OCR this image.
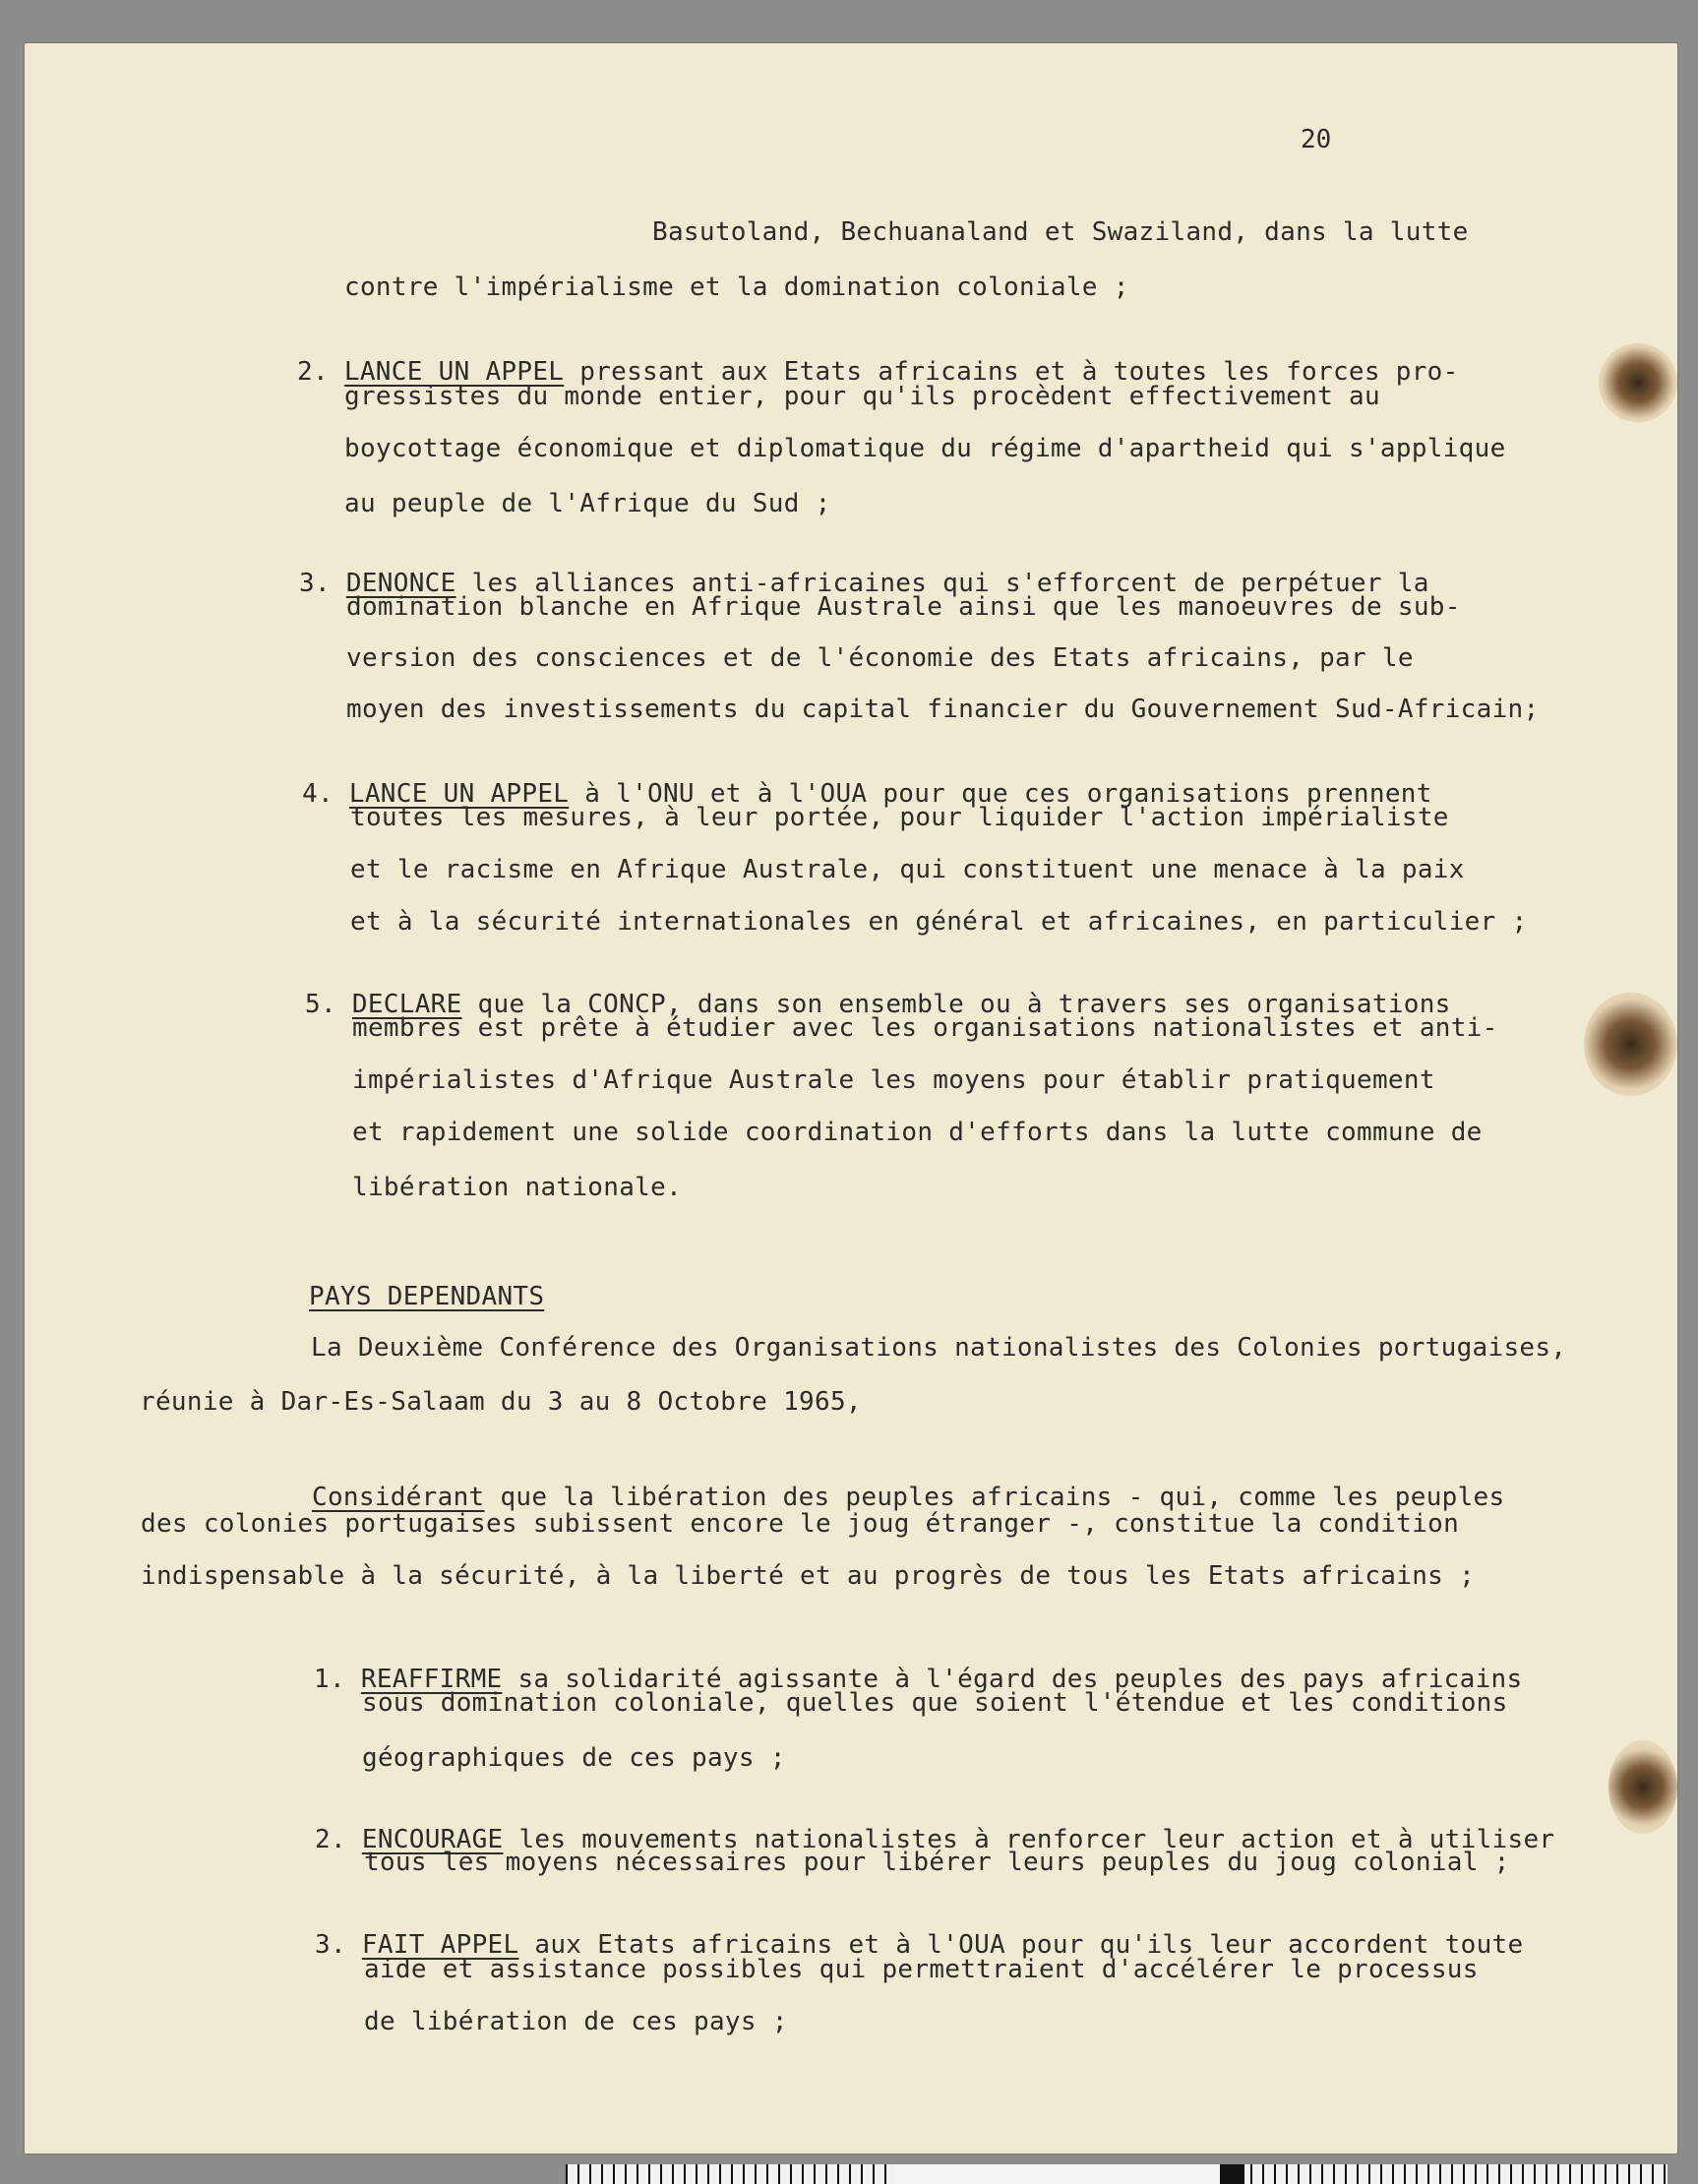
20
Basutoland, Bechuanaland et Swaziland, dans la lutte
contre l'impérialisme et la domination coloniale ;

2. LANCE UN APPEL pressant aux Etats africains et à toutes les forces pro-
gressistes du monde entier, pour qu'ils procèdent effectivement au
boycottage économique et diplomatique du régime d'apartheid qui s'applique
au peuple de l'Afrique du Sud ;

3. DENONCE les alliances anti-africaines qui s'efforcent de perpétuer la
domination blanche en Afrique Australe ainsi que les manoeuvres de sub-
version des consciences et de l'économie des Etats africains, par le
moyen des investissements du capital financier du Gouvernement Sud-Africain;

4. LANCE UN APPEL à l'ONU et à l'OUA pour que ces organisations prennent
toutes les mesures, à leur portée, pour liquider l'action impérialiste
et le racisme en Afrique Australe, qui constituent une menace à la paix
et à la sécurité internationales en général et africaines, en particulier ;

5. DECLARE que la CONCP, dans son ensemble ou à travers ses organisations
membres est prête à étudier avec les organisations nationalistes et anti-
impérialistes d'Afrique Australe les moyens pour établir pratiquement
et rapidement une solide coordination d'efforts dans la lutte commune de
libération nationale.
PAYS DEPENDANTS
La Deuxième Conférence des Organisations nationalistes des Colonies portugaises,
réunie à Dar-Es-Salaam du 3 au 8 Octobre 1965,

Considérant que la libération des peuples africains - qui, comme les peuples
des colonies portugaises subissent encore le joug étranger -, constitue la condition
indispensable à la sécurité, à la liberté et au progrès de tous les Etats africains ;

1. REAFFIRME sa solidarité agissante à l'égard des peuples des pays africains
sous domination coloniale, quelles que soient l'étendue et les conditions
géographiques de ces pays ;

2. ENCOURAGE les mouvements nationalistes à renforcer leur action et à utiliser
tous les moyens nécessaires pour libérer leurs peuples du joug colonial ;

3. FAIT APPEL aux Etats africains et à l'OUA pour qu'ils leur accordent toute
aide et assistance possibles qui permettraient d'accélérer le processus
de libération de ces pays ;
